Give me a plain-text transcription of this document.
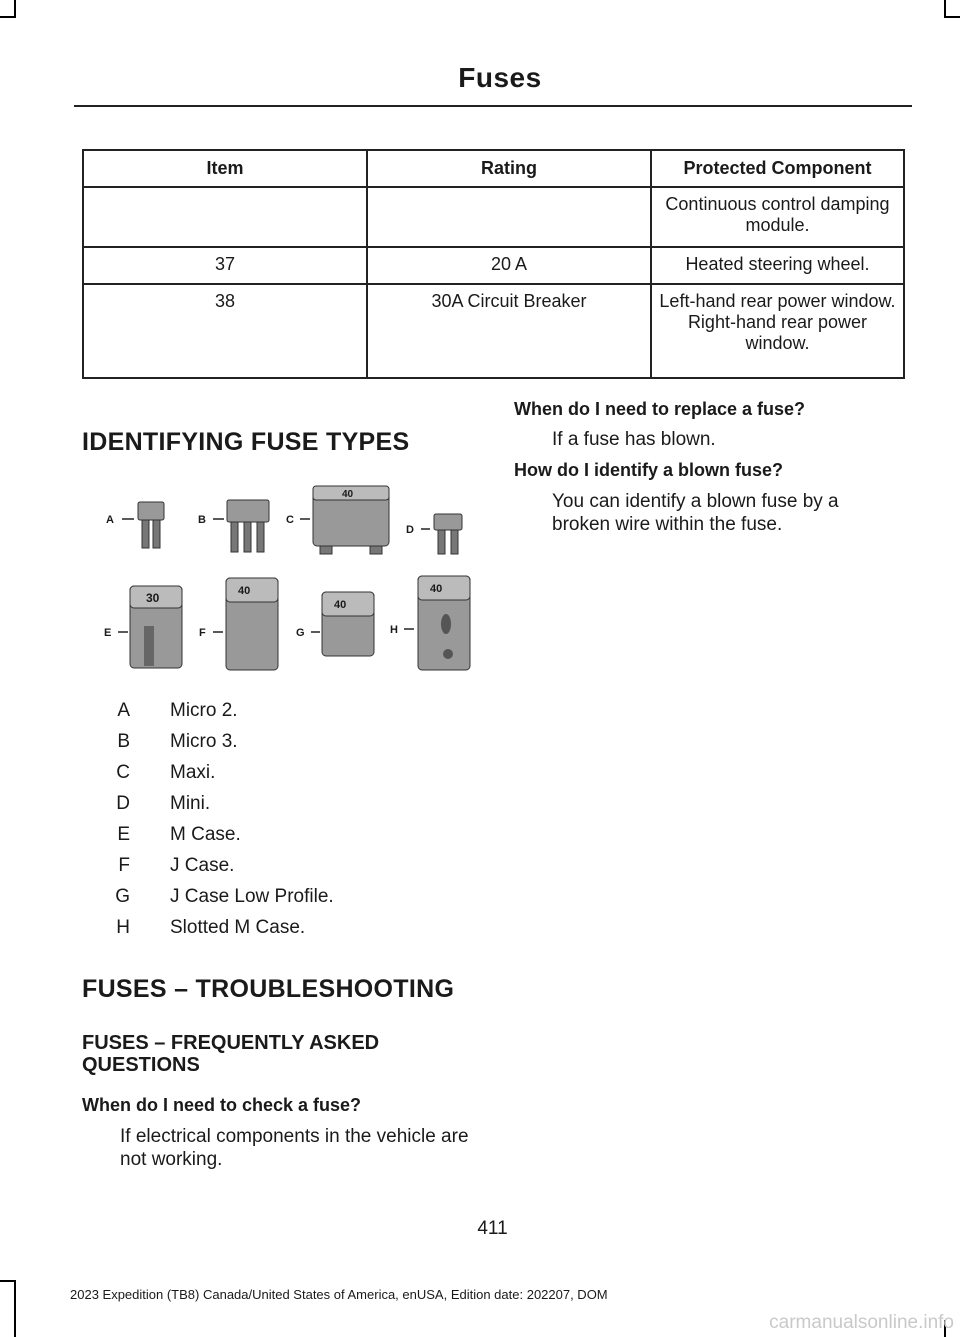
Fuses
Item	Rating	Protected Component

		Continuous control damping module.

37	20 A	Heated steering wheel.

38	30A Circuit Breaker	Left-hand rear power window.
Right-hand rear power window.
IDENTIFYING FUSE TYPES
A	B	C
40
D
E
30
F
40
G
40
H
40
A Micro 2.
B Micro 3.
C Maxi.
D Mini.
E M Case.
F J Case.
G J Case Low Profile.
H Slotted M Case.
FUSES – TROUBLESHOOTING
FUSES – FREQUENTLY ASKED QUESTIONS
When do I need to check a fuse?
If electrical components in the vehicle are not working.
When do I need to replace a fuse?
If a fuse has blown.
How do I identify a blown fuse?
You can identify a blown fuse by a broken wire within the fuse.
411
2023 Expedition (TB8) Canada/United States of America, enUSA, Edition date: 202207, DOM
carmanualsonline.info
